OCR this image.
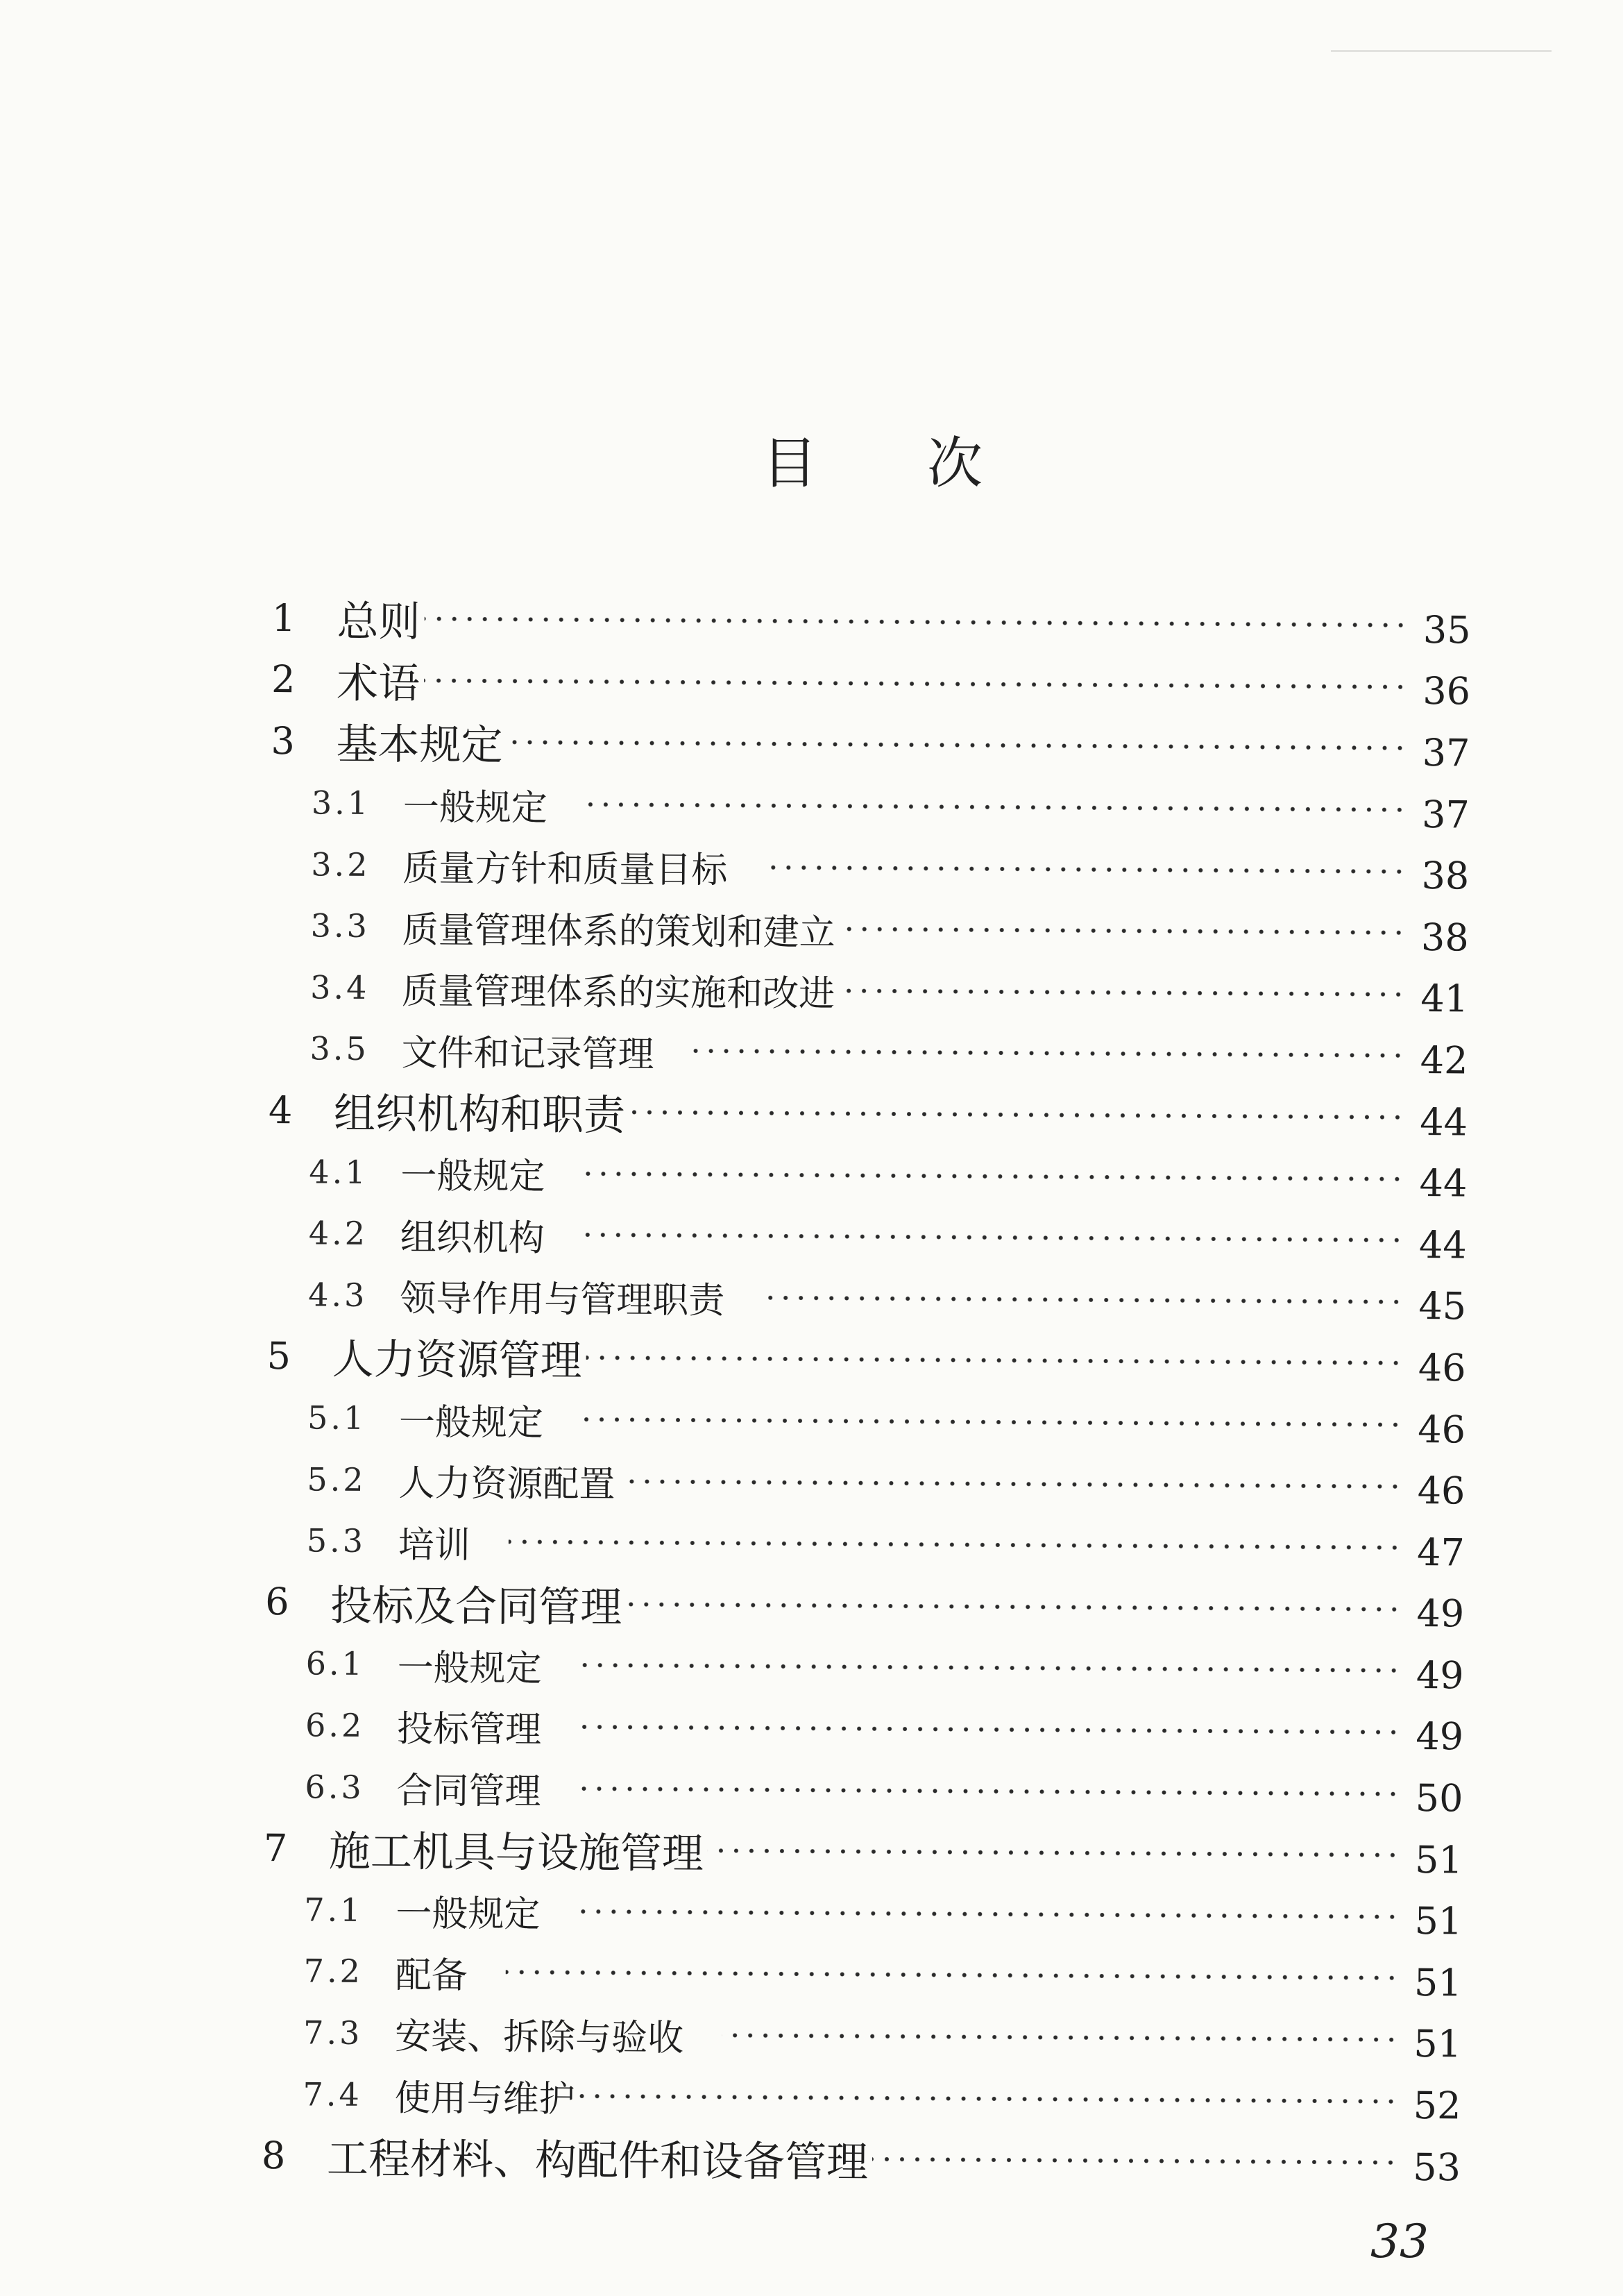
目 次
1 总则	35
2 术语	36
3 基本规定	37
3.1 一般规定	37
3.2 质量方针和质量目标	38
3.3 质量管理体系的策划和建立	38
3.4 质量管理体系的实施和改进	41
3.5 文件和记录管理	42
4 组织机构和职责	44
4.1 一般规定	44
4.2 组织机构	44
4.3 领导作用与管理职责	45
5 人力资源管理	46
5.1 一般规定	46
5.2 人力资源配置	46
5.3 培训	47
6 投标及合同管理	49
6.1 一般规定	49
6.2 投标管理	49
6.3 合同管理	50
7 施工机具与设施管理	51
7.1 一般规定	51
7.2 配备	51
7.3 安装、拆除与验收	51
7.4 使用与维护	52
8 工程材料、构配件和设备管理	53
33
